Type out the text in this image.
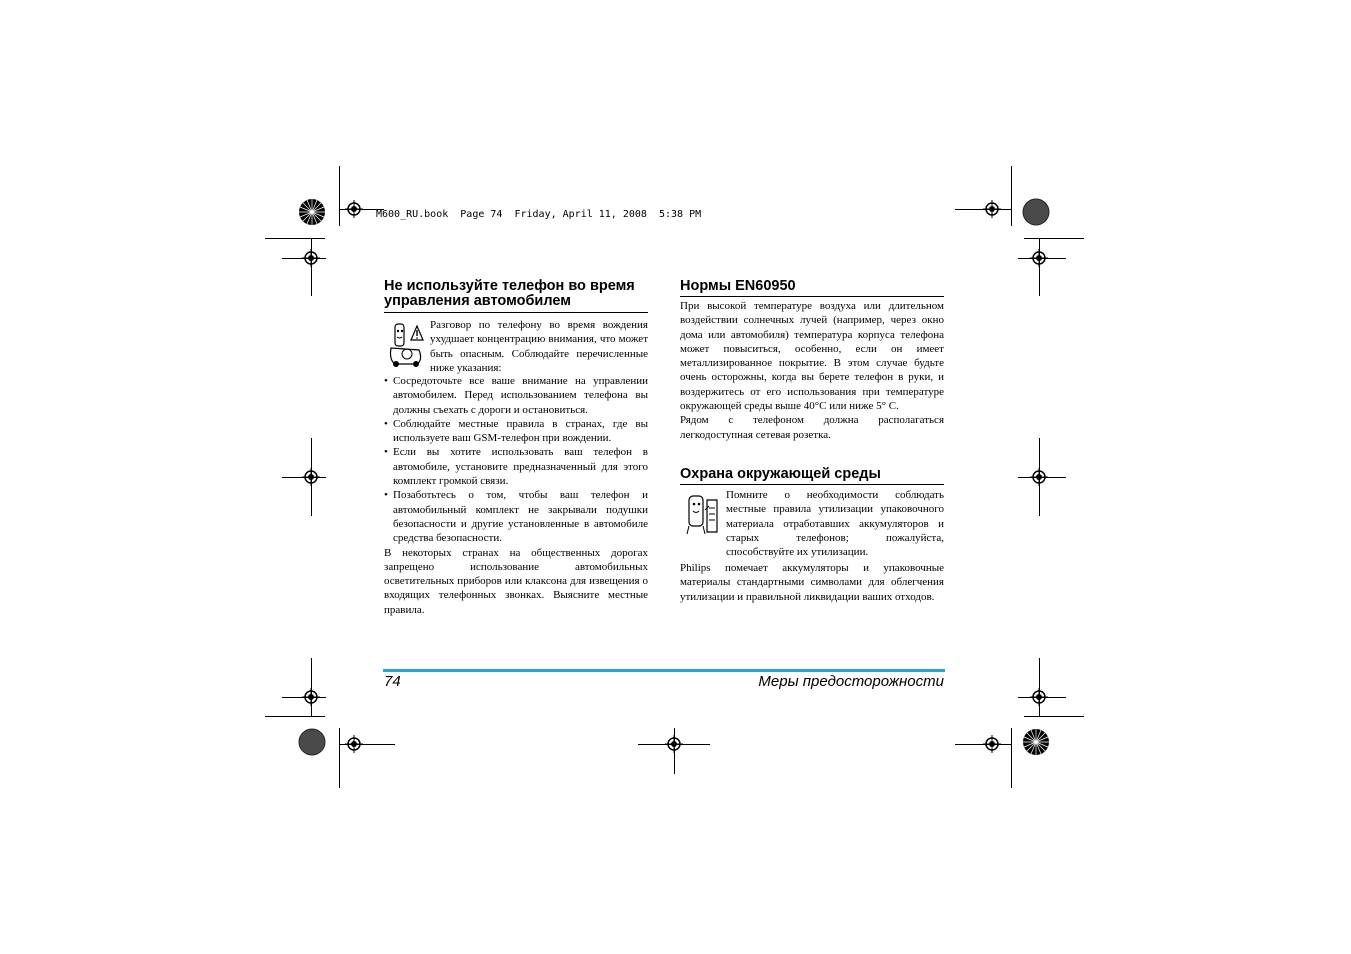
M600_RU.book  Page 74  Friday, April 11, 2008  5:38 PM
Не используйте телефон во время управления автомобилем
Разговор по телефону во время вождения ухудшает концентрацию внимания, что может быть опасным. Соблюдайте перечисленные ниже указания:
• Сосредоточьте все ваше внимание на управлении автомобилем. Перед использованием телефона вы должны съехать с дороги и остановиться.
• Соблюдайте местные правила в странах, где вы используете ваш GSM-телефон при вождении.
• Если вы хотите использовать ваш телефон в автомобиле, установите предназначенный для этого комплект громкой связи.
• Позаботьтесь о том, чтобы ваш телефон и автомобильный комплект не закрывали подушки безопасности и другие установленные в автомобиле средства безопасности.

В некоторых странах на общественных дорогах запрещено использование автомобильных осветительных приборов или клаксона для извещения о входящих телефонных звонках. Выясните местные правила.

Нормы EN60950

При высокой температуре воздуха или длительном воздействии солнечных лучей (например, через окно дома или автомобиля) температура корпуса телефона может повыситься, особенно, если он имеет металлизированное покрытие. В этом случае будьте очень осторожны, когда вы берете телефон в руки, и воздержитесь от его использования при температуре окружающей среды выше 40°C или ниже 5° C.

Рядом с телефоном должна располагаться легкодоступная сетевая розетка.

Охрана окружающей среды
Помните о необходимости соблюдать местные правила утилизации упаковочного материала отработавших аккумуляторов и старых телефонов; пожалуйста, способствуйте их утилизации.
Philips помечает аккумуляторы и упаковочные материалы стандартными символами для облегчения утилизации и правильной ликвидации ваших отходов.
74	Меры предосторожности
